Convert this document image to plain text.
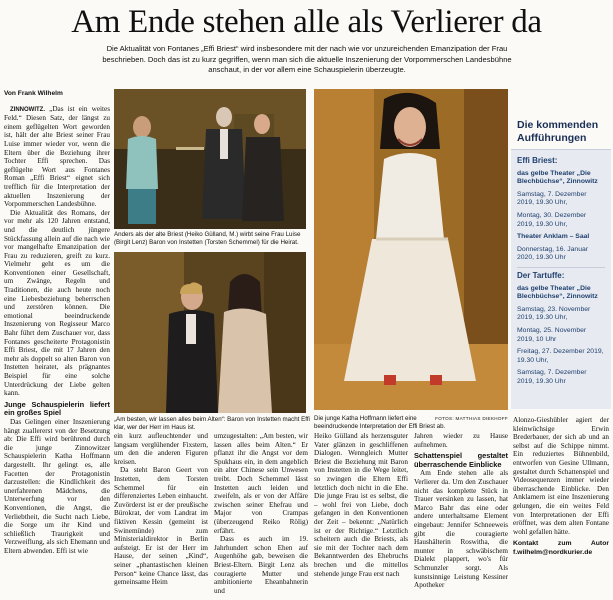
Am Ende stehen alle als Verlierer da

Die Aktualität von Fontanes „Effi Briest“ wird insbesondere mit der nach wie vor unzureichenden Emanzipation der Frau beschrieben. Doch das ist zu kurz gegriffen, wenn man sich die aktuelle Inszenierung der Vorpommerschen Landesbühne anschaut, in der vor allem eine Schauspielerin überzeugte.

Von Frank Wilhelm

ZINNOWITZ. „Das ist ein weites Feld.“ Diesen Satz, der längst zu einem geflügelten Wort geworden ist, hält der alte Briest seiner Frau Luise immer wieder vor, wenn die Eltern über die Beziehung ihrer Tochter Effi sprechen. Das geflügelte Wort aus Fontanes Roman „Effi Briest“ eignet sich trefflich für die Interpretation der aktuellen Inszenierung der Vorpommerschen Landesbühne.

Die Aktualität des Romans, der vor mehr als 120 Jahren entstand, und die deutlich jüngere Stückfassung allein auf die nach wie vor mangelhafte Emanzipation der Frau zu reduzieren, greift zu kurz. Vielmehr geht es um die Konventionen einer Gesellschaft, um Zwänge, Regeln und Traditionen, die auch heute noch eine Liebesbeziehung beherrschen und zerstören können. Die emotional beeindruckende Inszenierung von Regisseur Marco Bahr führt dem Zuschauer vor, dass Fontanes gescheiterte Protagonistin Effi Briest, die mit 17 Jahren den mehr als doppelt so alten Baron von Instetten heiratet, als prägnantes Beispiel für eine solche Unterdrückung der Liebe gelten kann.

Junge Schauspielerin liefert ein großes Spiel

Das Gelingen einer Inszenierung hängt zuallererst von der Besetzung ab: Die Effi wird berührend durch die junge Zinnowitzer Schauspielerin Katha Hoffmann dargestellt. Ihr gelingt es, alle Facetten der Protagonistin darzustellen: die Kindlichkeit des unerfahrenen Mädchens, die Unterwerfung vor den Konventionen, die Angst, die Verliebtheit, die Sucht nach Liebe, die Sorge um ihr Kind und schließlich Traurigkeit und Verzweiflung, als sich Ehemann und Eltern abwenden. Effi ist wie

Anders als der alte Briest (Heiko Gülland, M.) wirbt seine Frau Luise (Birgit Lenz) Baron von Instetten (Torsten Schemmel) für die Heirat.
„Am besten, wir lassen alles beim Alten“: Baron von Instetten macht Effi klar, wer der Herr im Haus ist.
FOTOS: MATTHIAS DIEKHOFF
Die junge Katha Hoffmann liefert eine beeindruckende Interpretation der Effi Briest ab.

Die kommenden Aufführungen

Effi Briest:
das gelbe Theater „Die Blechbüchse“, Zinnowitz
Samstag, 7. Dezember 2019, 19.30 Uhr,
Montag, 30. Dezember 2019, 19.30 Uhr,
Theater Anklam – Saal
Donnerstag, 16. Januar 2020, 19.30 Uhr
Der Tartuffe:
das gelbe Theater „Die Blechbüchse“, Zinnowitz
Samstag, 23. November 2019, 19.30 Uhr,
Montag, 25. November 2019, 10 Uhr
Freitag, 27. Dezember 2019, 19.30 Uhr,
Samstag, 7. Dezember 2019, 19.30 Uhr

ein kurz aufleuchtender und langsam verglühender Fixstern, um den die anderen Figuren kreisen.

Da steht Baron Geert von Instetten, dem Torsten Schemmel für ein differenziertes Leben einhaucht. Zuvörderst ist er der preußische Bürokrat, der vom Landrat im fiktiven Kessin (gemeint ist Swinemünde) zum Ministerialdirektor in Berlin aufsteigt. Er ist der Herr im Hause, der seinen „Kind“, seiner „phantastischen kleinen Person“ keine Chance lässt, das gemeinsame Heim

umzugestalten: „Am besten, wir lassen alles beim Alten.“ Er pflanzt ihr die Angst vor dem Spukhaus ein, in dem angeblich ein alter Chinese sein Unwesen treibt. Doch Schemmel lässt Instetten auch leiden und zweifeln, als er von der Affäre zwischen seiner Ehefrau und Major von Crampas (überzeugend Reiko Rölig) erfährt.

Dass es auch im 19. Jahrhundert schon Ehen auf Augenhöhe gab, beweisen die Briest-Eltern. Birgit Lenz als couragierte Mutter und ambitionierte Eheanbahnerin und

Heiko Gülland als herzensguter Vater glänzen in geschliffenen Dialogen. Wenngleich Mutter Briest die Beziehung mit Baron von Instetten in die Wege leitet, so zwingen die Eltern Effi letztlich doch nicht in die Ehe. Die junge Frau ist es selbst, die – wohl frei von Liebe, doch gefangen in den Konventionen der Zeit – bekennt: „Natürlich ist er der Richtige.“ Letztlich scheitern auch die Briests, als sie mit der Tochter nach dem Bekanntwerden des Ehebruchs brechen und die mittellos stehende junge Frau erst nach

Jahren wieder zu Hause aufnehmen.

Schattenspiel gestaltet überraschende Einblicke

Am Ende stehen alle als Verlierer da. Um den Zuschauer nicht das komplette Stück in Trauer versinken zu lassen, hat Marco Bahr das eine oder andere unterhaltsame Element eingebaut: Jennifer Schneeweis gibt die couragierte Haushälterin Roswitha, die munter in schwäbischem Dialekt plappert, wo's für Schmunzler sorgt. Als kunstsinnige Leistung Kessiner Apotheker

Alonzo-Gieshübler agiert der kleinwüchsige Erwin Brederbauer, der sich ab und an selbst auf die Schippe nimmt. Ein reduziertes Bühnenbild, entworfen von Gesine Ullmann, gestaltet durch Schattenspiel und Videosequenzen immer wieder überraschende Einblicke. Den Anklamern ist eine Inszenierung gelungen, die ein weites Feld von Interpretationen der Effi eröffnet, was dem alten Fontane wohl gefallen hätte.

Kontakt zum Autor f.wilhelm@nordkurier.de
